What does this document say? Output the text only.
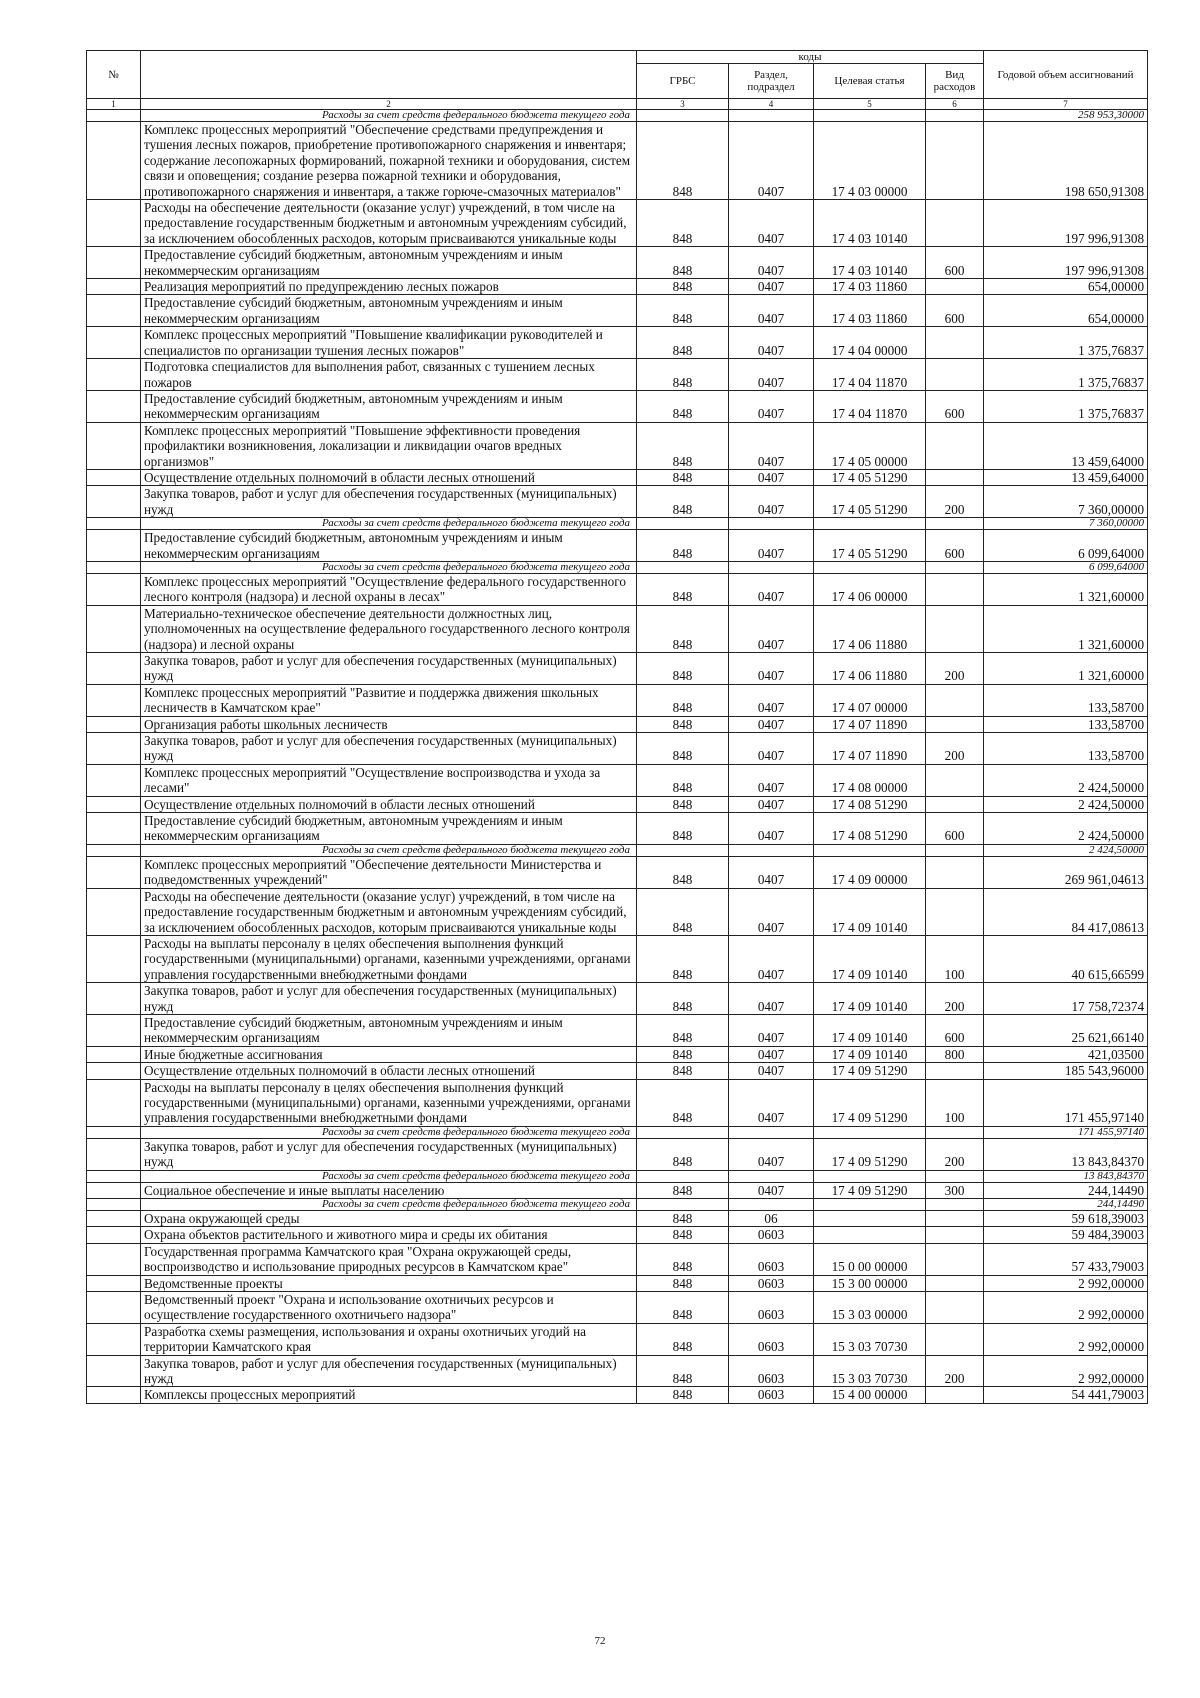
№		коды				Годовой объем ассигнований
		ГРБС	Раздел, подраздел	Целевая статья	Вид расходов	
1	2	3	4	5	6	7
	Расходы за счет средств федерального бюджета текущего года					258 953,30000
	Комплекс процессных мероприятий "Обеспечение средствами предупреждения и тушения лесных пожаров, приобретение противопожарного снаряжения и инвентаря; содержание лесопожарных формирований, пожарной техники и оборудования, систем связи и оповещения; создание резерва пожарной техники и оборудования, противопожарного снаряжения и инвентаря, а также горюче-смазочных материалов"	848	0407	17 4 03 00000		198 650,91308
	Расходы на обеспечение деятельности (оказание услуг) учреждений, в том числе на предоставление государственным бюджетным и автономным учреждениям субсидий, за исключением обособленных расходов, которым присваиваются уникальные коды	848	0407	17 4 03 10140		197 996,91308
	Предоставление субсидий бюджетным, автономным учреждениям и иным некоммерческим организациям	848	0407	17 4 03 10140	600	197 996,91308
	Реализация мероприятий по предупреждению лесных пожаров	848	0407	17 4 03 11860		654,00000
	Предоставление субсидий бюджетным, автономным учреждениям и иным некоммерческим организациям	848	0407	17 4 03 11860	600	654,00000
	Комплекс процессных мероприятий "Повышение квалификации руководителей и специалистов по организации тушения лесных пожаров"	848	0407	17 4 04 00000		1 375,76837
	Подготовка специалистов для выполнения работ, связанных с тушением лесных пожаров	848	0407	17 4 04 11870		1 375,76837
	Предоставление субсидий бюджетным, автономным учреждениям и иным некоммерческим организациям	848	0407	17 4 04 11870	600	1 375,76837
	Комплекс процессных мероприятий "Повышение эффективности проведения профилактики возникновения, локализации и ликвидации очагов вредных организмов"	848	0407	17 4 05 00000		13 459,64000
	Осуществление отдельных полномочий в области лесных отношений	848	0407	17 4 05 51290		13 459,64000
	Закупка товаров, работ и услуг для обеспечения государственных (муниципальных) нужд	848	0407	17 4 05 51290	200	7 360,00000
	Расходы за счет средств федерального бюджета текущего года					7 360,00000
	Предоставление субсидий бюджетным, автономным учреждениям и иным некоммерческим организациям	848	0407	17 4 05 51290	600	6 099,64000
	Расходы за счет средств федерального бюджета текущего года					6 099,64000
	Комплекс процессных мероприятий "Осуществление федерального государственного лесного контроля (надзора) и лесной охраны в лесах"	848	0407	17 4 06 00000		1 321,60000
	Материально-техническое обеспечение деятельности должностных лиц, уполномоченных на осуществление федерального государственного лесного контроля (надзора) и лесной охраны	848	0407	17 4 06 11880		1 321,60000
	Закупка товаров, работ и услуг для обеспечения государственных (муниципальных) нужд	848	0407	17 4 06 11880	200	1 321,60000
	Комплекс процессных мероприятий "Развитие и поддержка движения школьных лесничеств в Камчатском крае"	848	0407	17 4 07 00000		133,58700
	Организация работы школьных лесничеств	848	0407	17 4 07 11890		133,58700
	Закупка товаров, работ и услуг для обеспечения государственных (муниципальных) нужд	848	0407	17 4 07 11890	200	133,58700
	Комплекс процессных мероприятий "Осуществление воспроизводства и ухода за лесами"	848	0407	17 4 08 00000		2 424,50000
	Осуществление отдельных полномочий в области лесных отношений	848	0407	17 4 08 51290		2 424,50000
	Предоставление субсидий бюджетным, автономным учреждениям и иным некоммерческим организациям	848	0407	17 4 08 51290	600	2 424,50000
	Расходы за счет средств федерального бюджета текущего года					2 424,50000
	Комплекс процессных мероприятий "Обеспечение деятельности Министерства и подведомственных учреждений"	848	0407	17 4 09 00000		269 961,04613
	Расходы на обеспечение деятельности (оказание услуг) учреждений, в том числе на предоставление государственным бюджетным и автономным учреждениям субсидий, за исключением обособленных расходов, которым присваиваются уникальные коды	848	0407	17 4 09 10140		84 417,08613
	Расходы на выплаты персоналу в целях обеспечения выполнения функций государственными (муниципальными) органами, казенными учреждениями, органами управления государственными внебюджетными фондами	848	0407	17 4 09 10140	100	40 615,66599
	Закупка товаров, работ и услуг для обеспечения государственных (муниципальных) нужд	848	0407	17 4 09 10140	200	17 758,72374
	Предоставление субсидий бюджетным, автономным учреждениям и иным некоммерческим организациям	848	0407	17 4 09 10140	600	25 621,66140
	Иные бюджетные ассигнования	848	0407	17 4 09 10140	800	421,03500
	Осуществление отдельных полномочий в области лесных отношений	848	0407	17 4 09 51290		185 543,96000
	Расходы на выплаты персоналу в целях обеспечения выполнения функций государственными (муниципальными) органами, казенными учреждениями, органами управления государственными внебюджетными фондами	848	0407	17 4 09 51290	100	171 455,97140
	Расходы за счет средств федерального бюджета текущего года					171 455,97140
	Закупка товаров, работ и услуг для обеспечения государственных (муниципальных) нужд	848	0407	17 4 09 51290	200	13 843,84370
	Расходы за счет средств федерального бюджета текущего года					13 843,84370
	Социальное обеспечение и иные выплаты населению	848	0407	17 4 09 51290	300	244,14490
	Расходы за счет средств федерального бюджета текущего года					244,14490
	Охрана окружающей среды	848	06			59 618,39003
	Охрана объектов растительного и животного мира и среды их обитания	848	0603			59 484,39003
	Государственная программа Камчатского края "Охрана окружающей среды, воспроизводство и использование природных ресурсов в Камчатском крае"	848	0603	15 0 00 00000		57 433,79003
	Ведомственные проекты	848	0603	15 3 00 00000		2 992,00000
	Ведомственный проект "Охрана и использование охотничьих ресурсов и осуществление государственного охотничьего надзора"	848	0603	15 3 03 00000		2 992,00000
	Разработка схемы размещения, использования и охраны охотничьих угодий на территории Камчатского края	848	0603	15 3 03 70730		2 992,00000
	Закупка товаров, работ и услуг для обеспечения государственных (муниципальных) нужд	848	0603	15 3 03 70730	200	2 992,00000
	Комплексы процессных мероприятий	848	0603	15 4 00 00000		54 441,79003
72
